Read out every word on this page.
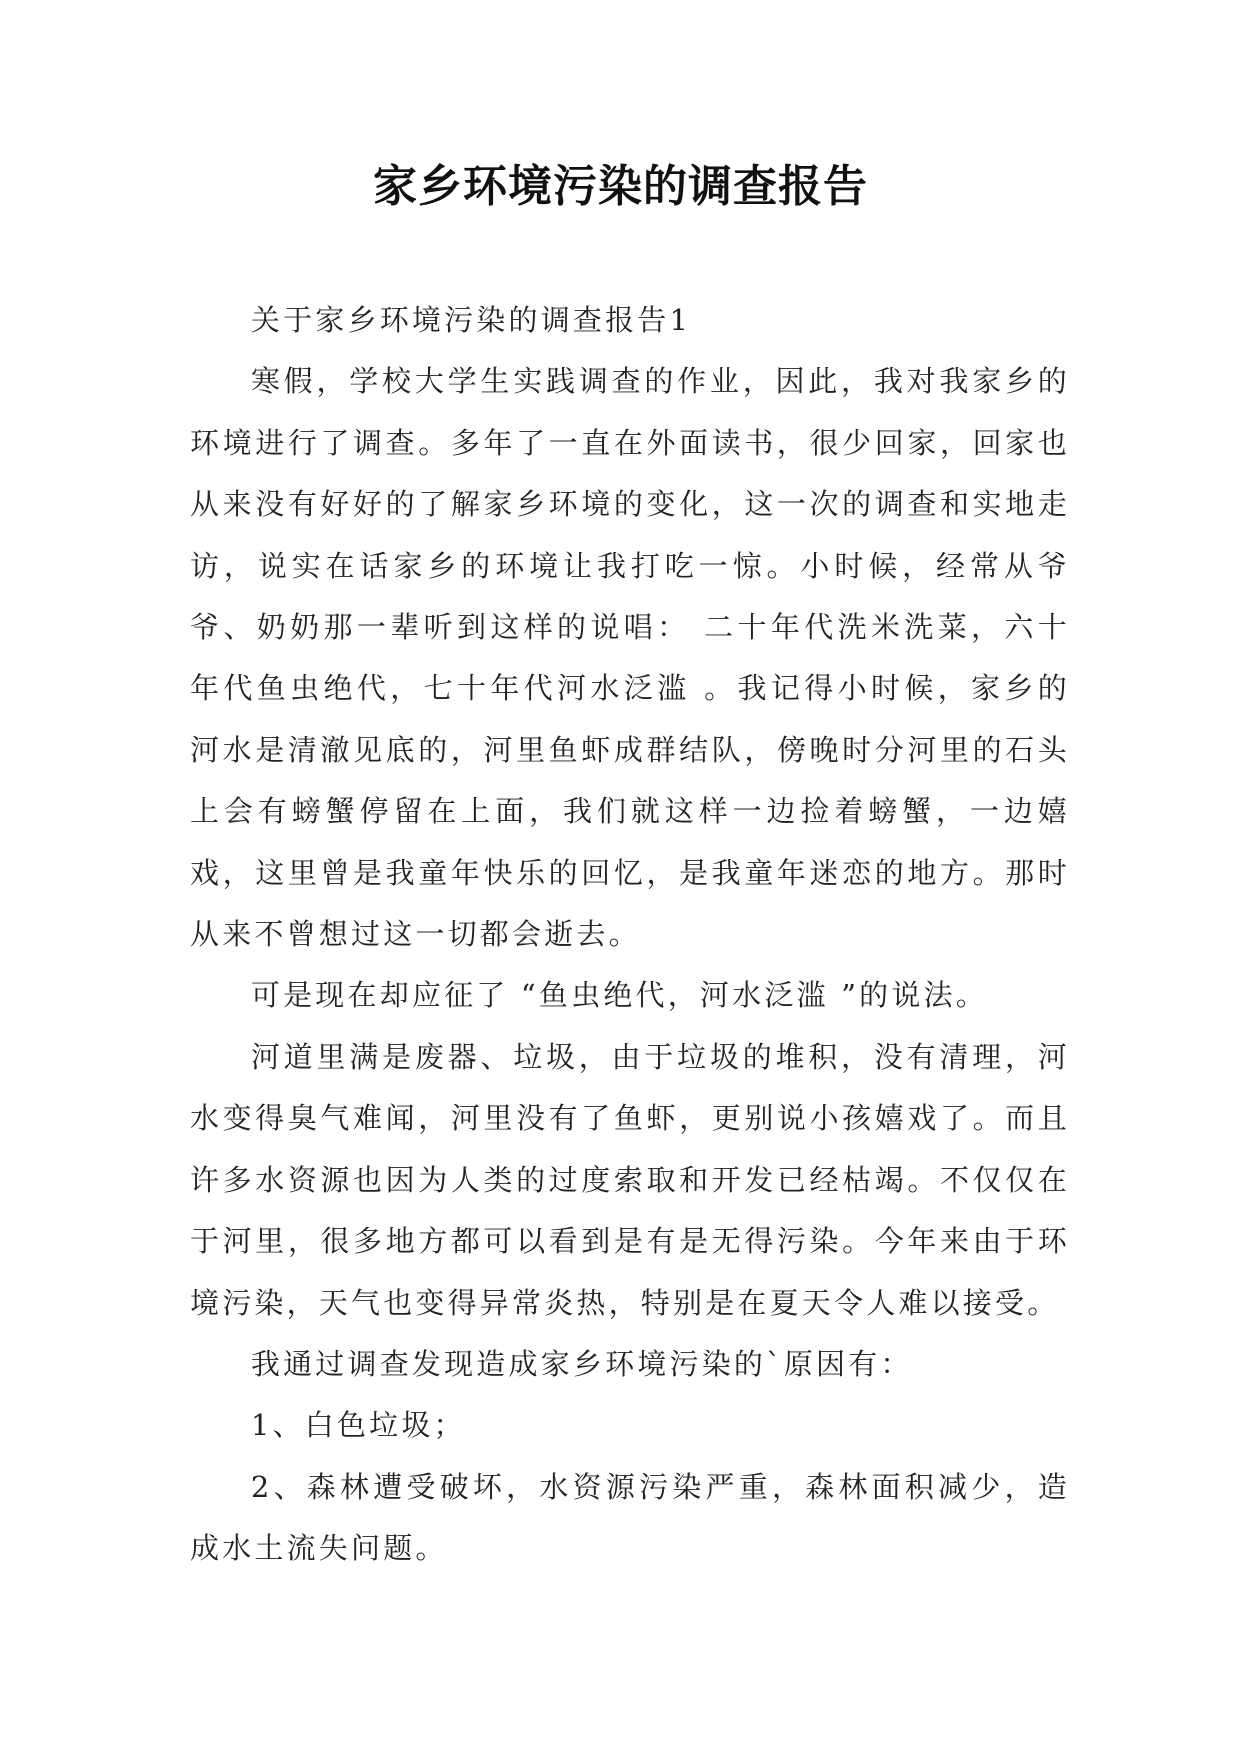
家乡环境污染的调查报告

关于家乡环境污染的调查报告1

寒假，学校大学生实践调查的作业，因此，我对我家乡的环境进行了调查。多年了一直在外面读书，很少回家，回家也从来没有好好的了解家乡环境的变化，这一次的调查和实地走访，说实在话家乡的环境让我打吃一惊。小时候，经常从爷爷、奶奶那一辈听到这样的说唱： 二十年代洗米洗菜，六十年代鱼虫绝代，七十年代河水泛滥 。我记得小时候，家乡的河水是清澈见底的，河里鱼虾成群结队，傍晚时分河里的石头上会有螃蟹停留在上面，我们就这样一边捡着螃蟹，一边嬉戏，这里曾是我童年快乐的回忆，是我童年迷恋的地方。那时从来不曾想过这一切都会逝去。

可是现在却应征了 “鱼虫绝代，河水泛滥 ”的说法。

河道里满是废器、垃圾，由于垃圾的堆积，没有清理，河水变得臭气难闻，河里没有了鱼虾，更别说小孩嬉戏了。而且许多水资源也因为人类的过度索取和开发已经枯竭。不仅仅在于河里，很多地方都可以看到是有是无得污染。今年来由于环境污染，天气也变得异常炎热，特别是在夏天令人难以接受。

我通过调查发现造成家乡环境污染的`原因有：

1、白色垃圾；

2、森林遭受破坏，水资源污染严重，森林面积减少，造成水土流失问题。
